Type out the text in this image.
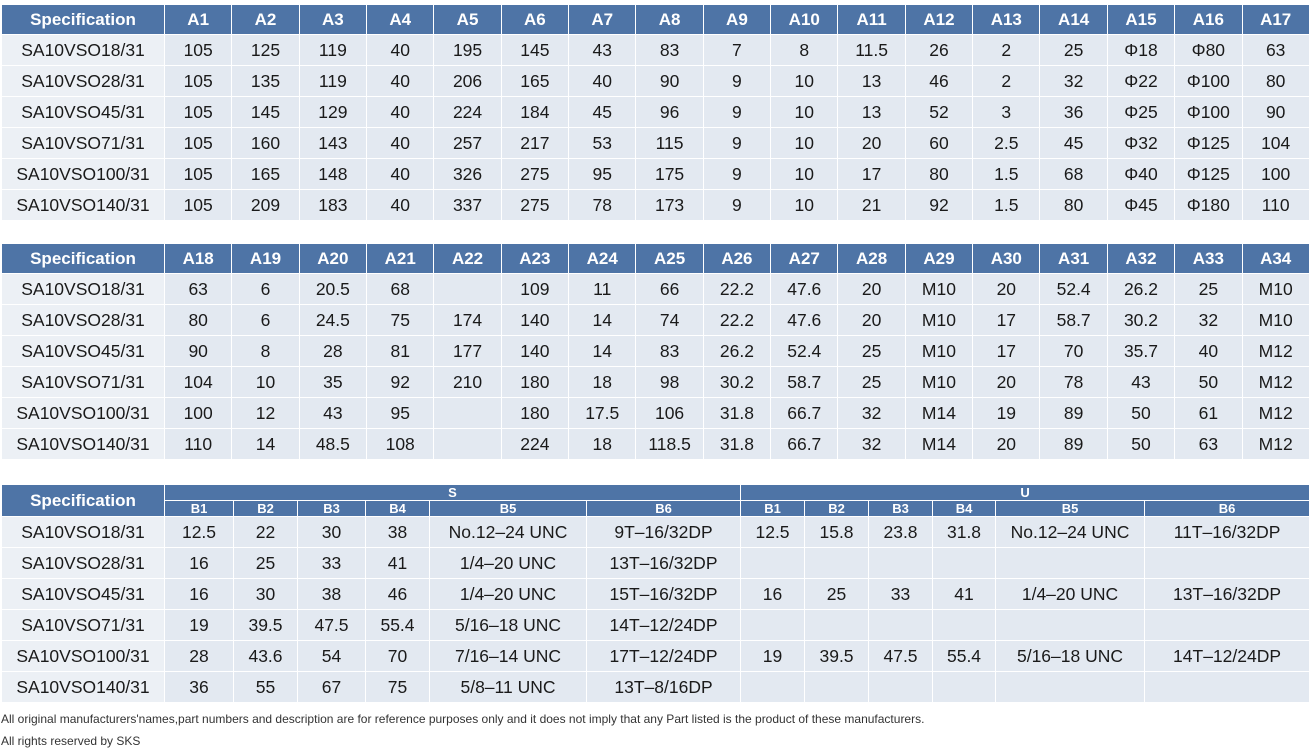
Specification	A1	A2	A3	A4	A5	A6	A7	A8	A9	A10	A11	A12	A13	A14	A15	A16	A17
SA10VSO18/31	105	125	119	40	195	145	43	83	7	8	11.5	26	2	25	Φ18	Φ80	63
SA10VSO28/31	105	135	119	40	206	165	40	90	9	10	13	46	2	32	Φ22	Φ100	80
SA10VSO45/31	105	145	129	40	224	184	45	96	9	10	13	52	3	36	Φ25	Φ100	90
SA10VSO71/31	105	160	143	40	257	217	53	115	9	10	20	60	2.5	45	Φ32	Φ125	104
SA10VSO100/31	105	165	148	40	326	275	95	175	9	10	17	80	1.5	68	Φ40	Φ125	100
SA10VSO140/31	105	209	183	40	337	275	78	173	9	10	21	92	1.5	80	Φ45	Φ180	110
Specification	A18	A19	A20	A21	A22	A23	A24	A25	A26	A27	A28	A29	A30	A31	A32	A33	A34
SA10VSO18/31	63	6	20.5	68		109	11	66	22.2	47.6	20	M10	20	52.4	26.2	25	M10
SA10VSO28/31	80	6	24.5	75	174	140	14	74	22.2	47.6	20	M10	17	58.7	30.2	32	M10
SA10VSO45/31	90	8	28	81	177	140	14	83	26.2	52.4	25	M10	17	70	35.7	40	M12
SA10VSO71/31	104	10	35	92	210	180	18	98	30.2	58.7	25	M10	20	78	43	50	M12
SA10VSO100/31	100	12	43	95		180	17.5	106	31.8	66.7	32	M14	19	89	50	61	M12
SA10VSO140/31	110	14	48.5	108		224	18	118.5	31.8	66.7	32	M14	20	89	50	63	M12
Specification	S						U					
	B1	B2	B3	B4	B5	B6	B1	B2	B3	B4	B5	B6
SA10VSO18/31	12.5	22	30	38	No.12–24 UNC	9T–16/32DP	12.5	15.8	23.8	31.8	No.12–24 UNC	11T–16/32DP
SA10VSO28/31	16	25	33	41	1/4–20 UNC	13T–16/32DP						
SA10VSO45/31	16	30	38	46	1/4–20 UNC	15T–16/32DP	16	25	33	41	1/4–20 UNC	13T–16/32DP
SA10VSO71/31	19	39.5	47.5	55.4	5/16–18 UNC	14T–12/24DP						
SA10VSO100/31	28	43.6	54	70	7/16–14 UNC	17T–12/24DP	19	39.5	47.5	55.4	5/16–18 UNC	14T–12/24DP
SA10VSO140/31	36	55	67	75	5/8–11 UNC	13T–8/16DP						
All original manufacturers'names,part numbers and description are for reference purposes only and it does not imply that any Part listed is the product of these manufacturers.
All rights reserved by SKS
